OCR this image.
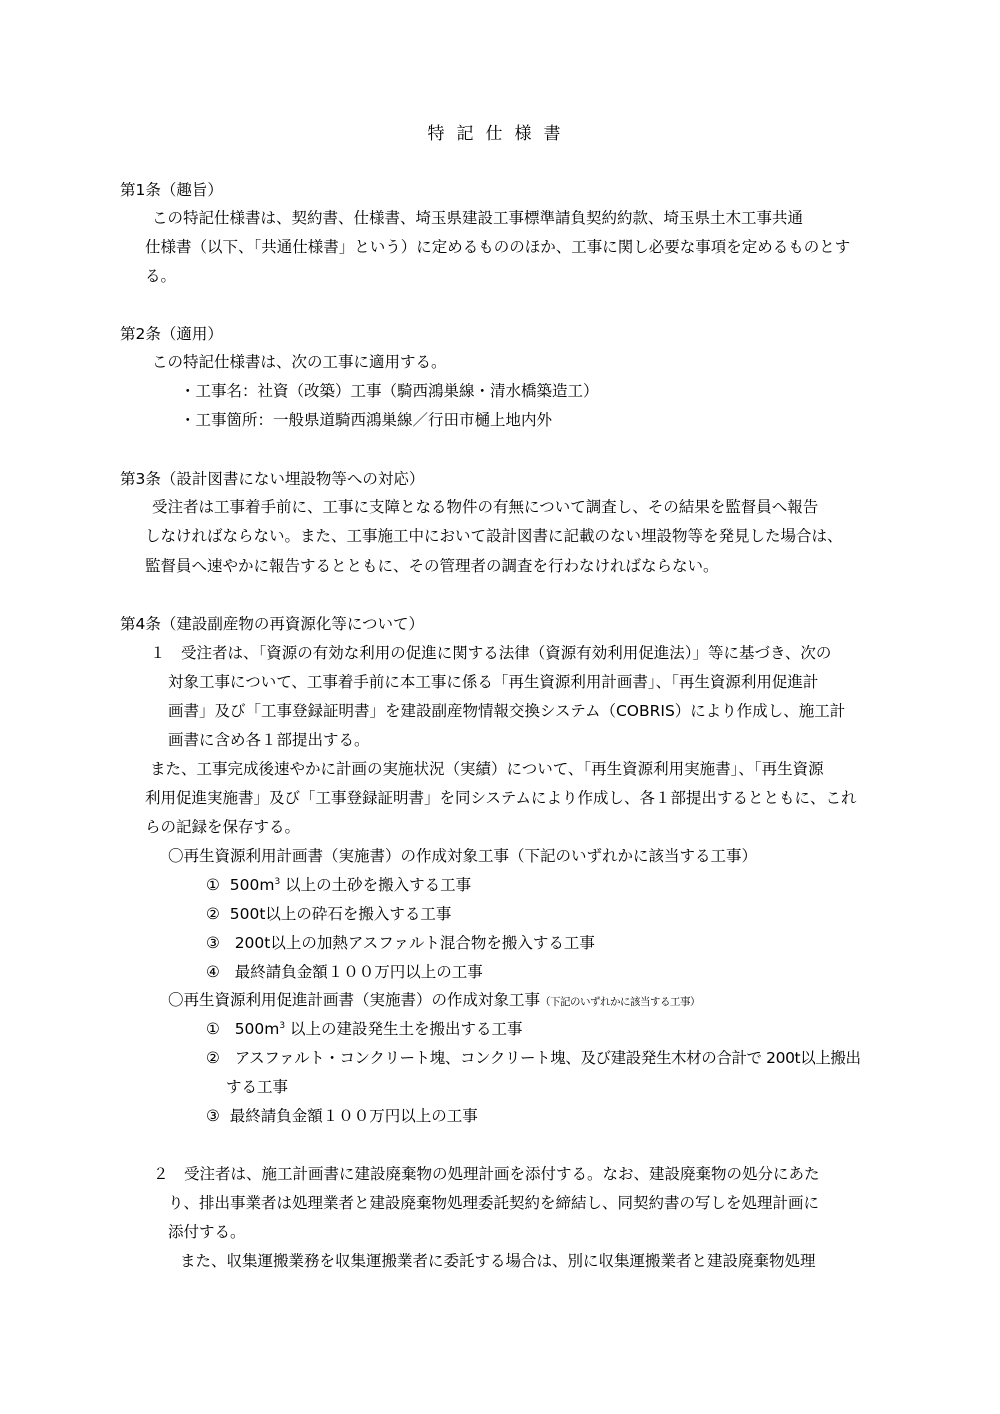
特記仕様書
第1条（趣旨）
この特記仕様書は、契約書、仕様書、埼玉県建設工事標準請負契約約款、埼玉県土木工事共通
仕様書（以下、「共通仕様書」という）に定めるもののほか、工事に関し必要な事項を定めるものとす
る。
第2条（適用）
この特記仕様書は、次の工事に適用する。
・工事名：社資（改築）工事（騎西鴻巣線・清水橋築造工）
・工事箇所：一般県道騎西鴻巣線／行田市樋上地内外
第3条（設計図書にない埋設物等への対応）
受注者は工事着手前に、工事に支障となる物件の有無について調査し、その結果を監督員へ報告
しなければならない。また、工事施工中において設計図書に記載のない埋設物等を発見した場合は、
監督員へ速やかに報告するとともに、その管理者の調査を行わなければならない。
第4条（建設副産物の再資源化等について）
１　受注者は、「資源の有効な利用の促進に関する法律（資源有効利用促進法）」等に基づき、次の
対象工事について、工事着手前に本工事に係る「再生資源利用計画書」、「再生資源利用促進計
画書」及び「工事登録証明書」を建設副産物情報交換システム（COBRIS）により作成し、施工計
画書に含め各１部提出する。
また、工事完成後速やかに計画の実施状況（実績）について、「再生資源利用実施書」、「再生資源
利用促進実施書」及び「工事登録証明書」を同システムにより作成し、各１部提出するとともに、これ
らの記録を保存する。
〇再生資源利用計画書（実施書）の作成対象工事（下記のいずれかに該当する工事）
① $500m^3$ 以上の土砂を搬入する工事
② 500t以上の砕石を搬入する工事
③ 200t以上の加熱アスファルト混合物を搬入する工事
④ 最終請負金額１００万円以上の工事
〇再生資源利用促進計画書（実施書）の作成対象工事（下記のいずれかに該当する工事）
① $500m^3$ 以上の建設発生土を搬出する工事
② アスファルト・コンクリート塊、コンクリート塊、及び建設発生木材の合計で 200t以上搬出
する工事
③ 最終請負金額１００万円以上の工事
２　受注者は、施工計画書に建設廃棄物の処理計画を添付する。なお、建設廃棄物の処分にあた
り、排出事業者は処理業者と建設廃棄物処理委託契約を締結し、同契約書の写しを処理計画に
添付する。
また、収集運搬業務を収集運搬業者に委託する場合は、別に収集運搬業者と建設廃棄物処理
